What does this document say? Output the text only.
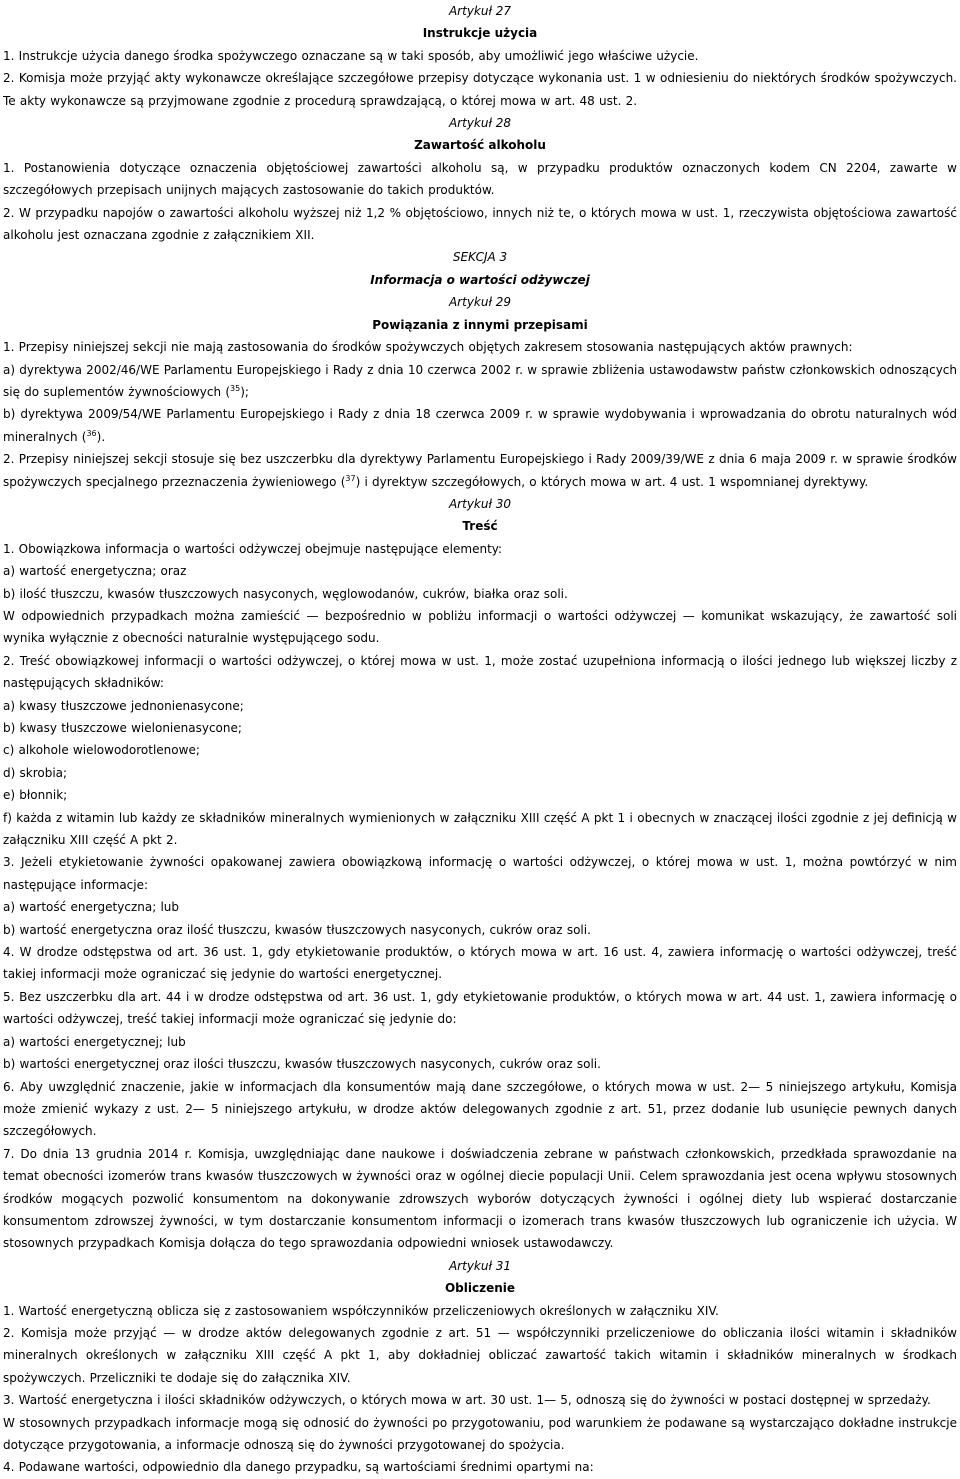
Artykuł 27

Instrukcje użycia

1. Instrukcje użycia danego środka spożywczego oznaczane są w taki sposób, aby umożliwić jego właściwe użycie.

2. Komisja może przyjąć akty wykonawcze określające szczegółowe przepisy dotyczące wykonania ust. 1 w odniesieniu do niektórych środków spożywczych. Te akty wykonawcze są przyjmowane zgodnie z procedurą sprawdzającą, o której mowa w art. 48 ust. 2.

Artykuł 28

Zawartość alkoholu

1. Postanowienia dotyczące oznaczenia objętościowej zawartości alkoholu są, w przypadku produktów oznaczonych kodem CN 2204, zawarte w szczegółowych przepisach unijnych mających zastosowanie do takich produktów.

2. W przypadku napojów o zawartości alkoholu wyższej niż 1,2 % objętościowo, innych niż te, o których mowa w ust. 1, rzeczywista objętościowa zawartość alkoholu jest oznaczana zgodnie z załącznikiem XII.

SEKCJA 3

Informacja o wartości odżywczej

Artykuł 29

Powiązania z innymi przepisami

1. Przepisy niniejszej sekcji nie mają zastosowania do środków spożywczych objętych zakresem stosowania następujących aktów prawnych:

a) dyrektywa 2002/46/WE Parlamentu Europejskiego i Rady z dnia 10 czerwca 2002 r. w sprawie zbliżenia ustawodawstw państw członkowskich odnoszących się do suplementów żywnościowych ($^{35}$);

b) dyrektywa 2009/54/WE Parlamentu Europejskiego i Rady z dnia 18 czerwca 2009 r. w sprawie wydobywania i wprowadzania do obrotu naturalnych wód mineralnych ($^{36}$).

2. Przepisy niniejszej sekcji stosuje się bez uszczerbku dla dyrektywy Parlamentu Europejskiego i Rady 2009/39/WE z dnia 6 maja 2009 r. w sprawie środków spożywczych specjalnego przeznaczenia żywieniowego ($^{37}$) i dyrektyw szczegółowych, o których mowa w art. 4 ust. 1 wspomnianej dyrektywy.

Artykuł 30

Treść

1. Obowiązkowa informacja o wartości odżywczej obejmuje następujące elementy:

a) wartość energetyczna; oraz

b) ilość tłuszczu, kwasów tłuszczowych nasyconych, węglowodanów, cukrów, białka oraz soli.

W odpowiednich przypadkach można zamieścić — bezpośrednio w pobliżu informacji o wartości odżywczej — komunikat wskazujący, że zawartość soli wynika wyłącznie z obecności naturalnie występującego sodu.

2. Treść obowiązkowej informacji o wartości odżywczej, o której mowa w ust. 1, może zostać uzupełniona informacją o ilości jednego lub większej liczby z następujących składników:

a) kwasy tłuszczowe jednonienasycone;

b) kwasy tłuszczowe wielonienasycone;

c) alkohole wielowodorotlenowe;

d) skrobia;

e) błonnik;

f) każda z witamin lub każdy ze składników mineralnych wymienionych w załączniku XIII część A pkt 1 i obecnych w znaczącej ilości zgodnie z jej definicją w załączniku XIII część A pkt 2.

3. Jeżeli etykietowanie żywności opakowanej zawiera obowiązkową informację o wartości odżywczej, o której mowa w ust. 1, można powtórzyć w nim następujące informacje:

a) wartość energetyczna; lub

b) wartość energetyczna oraz ilość tłuszczu, kwasów tłuszczowych nasyconych, cukrów oraz soli.

4. W drodze odstępstwa od art. 36 ust. 1, gdy etykietowanie produktów, o których mowa w art. 16 ust. 4, zawiera informację o wartości odżywczej, treść takiej informacji może ograniczać się jedynie do wartości energetycznej.

5. Bez uszczerbku dla art. 44 i w drodze odstępstwa od art. 36 ust. 1, gdy etykietowanie produktów, o których mowa w art. 44 ust. 1, zawiera informację o wartości odżywczej, treść takiej informacji może ograniczać się jedynie do:

a) wartości energetycznej; lub

b) wartości energetycznej oraz ilości tłuszczu, kwasów tłuszczowych nasyconych, cukrów oraz soli.

6. Aby uwzględnić znaczenie, jakie w informacjach dla konsumentów mają dane szczegółowe, o których mowa w ust. 2— 5 niniejszego artykułu, Komisja może zmienić wykazy z ust. 2— 5 niniejszego artykułu, w drodze aktów delegowanych zgodnie z art. 51, przez dodanie lub usunięcie pewnych danych szczegółowych.

7. Do dnia 13 grudnia 2014 r. Komisja, uwzględniając dane naukowe i doświadczenia zebrane w państwach członkowskich, przedkłada sprawozdanie na temat obecności izomerów trans kwasów tłuszczowych w żywności oraz w ogólnej diecie populacji Unii. Celem sprawozdania jest ocena wpływu stosownych środków mogących pozwolić konsumentom na dokonywanie zdrowszych wyborów dotyczących żywności i ogólnej diety lub wspierać dostarczanie konsumentom zdrowszej żywności, w tym dostarczanie konsumentom informacji o izomerach trans kwasów tłuszczowych lub ograniczenie ich użycia. W stosownych przypadkach Komisja dołącza do tego sprawozdania odpowiedni wniosek ustawodawczy.

Artykuł 31

Obliczenie

1. Wartość energetyczną oblicza się z zastosowaniem współczynników przeliczeniowych określonych w załączniku XIV.

2. Komisja może przyjąć — w drodze aktów delegowanych zgodnie z art. 51 — współczynniki przeliczeniowe do obliczania ilości witamin i składników mineralnych określonych w załączniku XIII część A pkt 1, aby dokładniej obliczać zawartość takich witamin i składników mineralnych w środkach spożywczych. Przeliczniki te dodaje się do załącznika XIV.

3. Wartość energetyczna i ilości składników odżywczych, o których mowa w art. 30 ust. 1— 5, odnoszą się do żywności w postaci dostępnej w sprzedaży.

W stosownych przypadkach informacje mogą się odnosić do żywności po przygotowaniu, pod warunkiem że podawane są wystarczająco dokładne instrukcje dotyczące przygotowania, a informacje odnoszą się do żywności przygotowanej do spożycia.

4. Podawane wartości, odpowiednio dla danego przypadku, są wartościami średnimi opartymi na:
